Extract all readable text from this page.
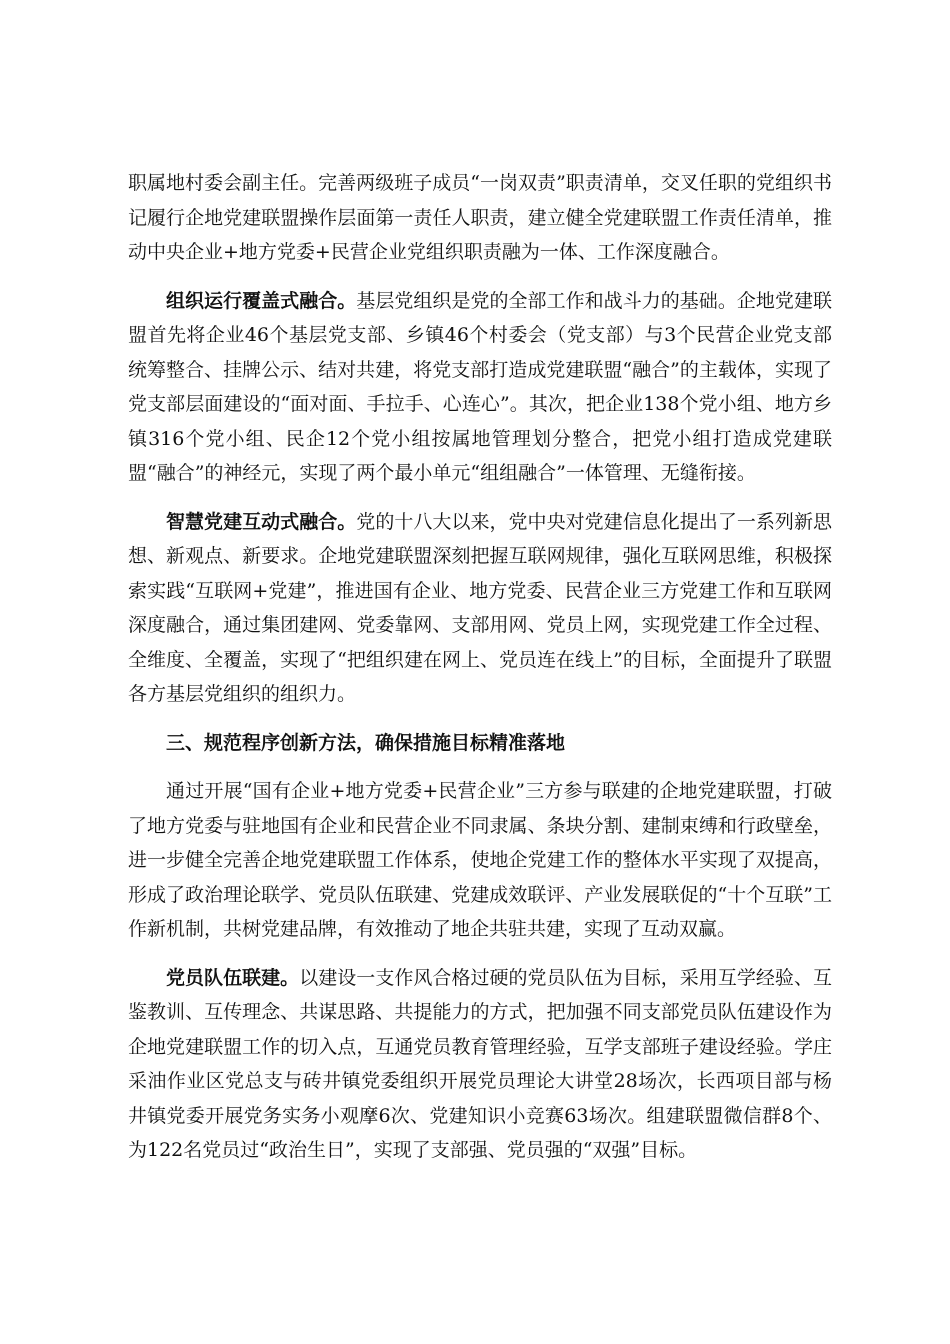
职属地村委会副主任。完善两级班子成员“一岗双责”职责清单，交叉任职的党组织书记履行企地党建联盟操作层面第一责任人职责，建立健全党建联盟工作责任清单，推动中央企业+地方党委+民营企业党组织职责融为一体、工作深度融合。

组织运行覆盖式融合。基层党组织是党的全部工作和战斗力的基础。企地党建联盟首先将企业46个基层党支部、乡镇46个村委会（党支部）与3个民营企业党支部统筹整合、挂牌公示、结对共建，将党支部打造成党建联盟“融合”的主载体，实现了党支部层面建设的“面对面、手拉手、心连心”。其次，把企业138个党小组、地方乡镇316个党小组、民企12个党小组按属地管理划分整合，把党小组打造成党建联盟“融合”的神经元，实现了两个最小单元“组组融合”一体管理、无缝衔接。

智慧党建互动式融合。党的十八大以来，党中央对党建信息化提出了一系列新思想、新观点、新要求。企地党建联盟深刻把握互联网规律，强化互联网思维，积极探索实践“互联网+党建”，推进国有企业、地方党委、民营企业三方党建工作和互联网深度融合，通过集团建网、党委靠网、支部用网、党员上网，实现党建工作全过程、全维度、全覆盖，实现了“把组织建在网上、党员连在线上”的目标，全面提升了联盟各方基层党组织的组织力。

三、规范程序创新方法，确保措施目标精准落地

通过开展“国有企业+地方党委+民营企业”三方参与联建的企地党建联盟，打破了地方党委与驻地国有企业和民营企业不同隶属、条块分割、建制束缚和行政壁垒，进一步健全完善企地党建联盟工作体系，使地企党建工作的整体水平实现了双提高，形成了政治理论联学、党员队伍联建、党建成效联评、产业发展联促的“十个互联”工作新机制，共树党建品牌，有效推动了地企共驻共建，实现了互动双赢。

党员队伍联建。以建设一支作风合格过硬的党员队伍为目标，采用互学经验、互鉴教训、互传理念、共谋思路、共提能力的方式，把加强不同支部党员队伍建设作为企地党建联盟工作的切入点，互通党员教育管理经验，互学支部班子建设经验。学庄采油作业区党总支与砖井镇党委组织开展党员理论大讲堂28场次，长西项目部与杨井镇党委开展党务实务小观摩6次、党建知识小竞赛63场次。组建联盟微信群8个、为122名党员过“政治生日”，实现了支部强、党员强的“双强”目标。
